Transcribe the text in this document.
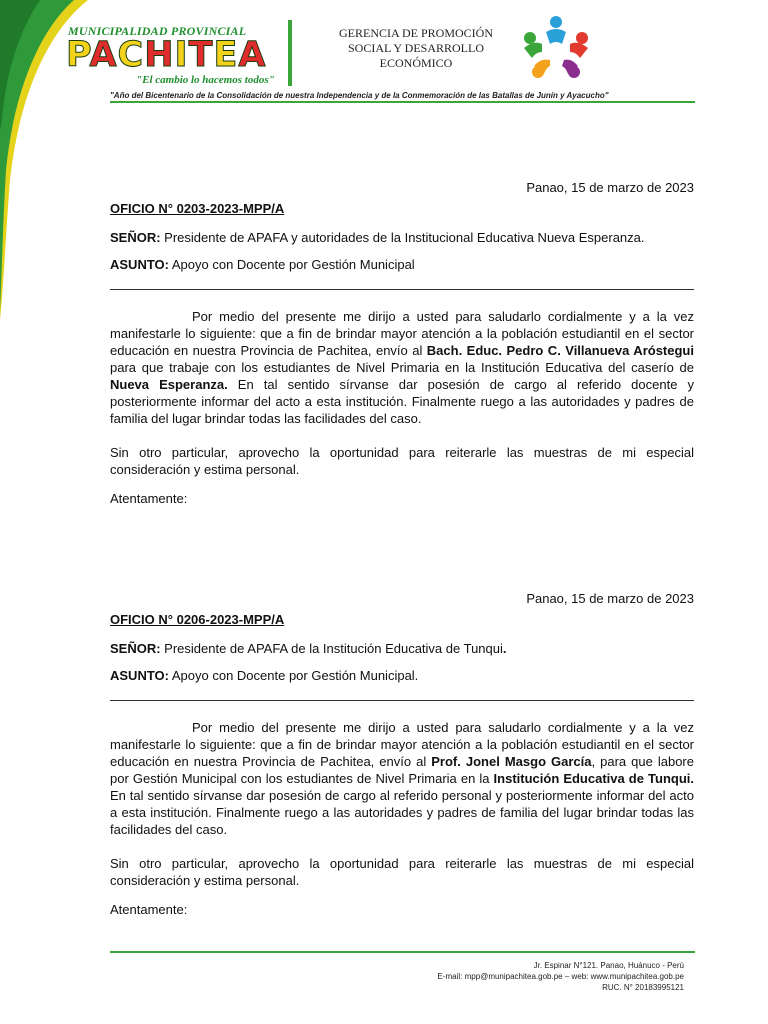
MUNICIPALIDAD PROVINCIAL
PACHITEA
"El cambio lo hacemos todos"
GERENCIA DE PROMOCIÓN
SOCIAL Y DESARROLLO
ECONÓMICO
"Año del Bicentenario de la Consolidación de nuestra Independencia y de la Conmemoración de las Batallas de Junín y Ayacucho"

Panao, 15 de marzo de 2023

OFICIO N° 0203-2023-MPP/A

SEÑOR: Presidente de APAFA y autoridades de la Institucional Educativa Nueva Esperanza.

ASUNTO: Apoyo con Docente por Gestión Municipal

Por medio del presente me dirijo a usted para saludarlo cordialmente y a la vez manifestarle lo siguiente: que a fin de brindar mayor atención a la población estudiantil en el sector educación en nuestra Provincia de Pachitea, envío al Bach. Educ. Pedro C. Villanueva Aróstegui para que trabaje con los estudiantes de Nivel Primaria en la Institución Educativa del caserío de Nueva Esperanza. En tal sentido sírvanse dar posesión de cargo al referido docente y posteriormente informar del acto a esta institución. Finalmente ruego a las autoridades y padres de familia del lugar brindar todas las facilidades del caso.

Sin otro particular, aprovecho la oportunidad para reiterarle las muestras de mi especial consideración y estima personal.

Atentamente:

Panao, 15 de marzo de 2023

OFICIO N° 0206-2023-MPP/A

SEÑOR: Presidente de APAFA de la Institución Educativa de Tunqui.

ASUNTO: Apoyo con Docente por Gestión Municipal.

Por medio del presente me dirijo a usted para saludarlo cordialmente y a la vez manifestarle lo siguiente: que a fin de brindar mayor atención a la población estudiantil en el sector educación en nuestra Provincia de Pachitea, envío al Prof. Jonel Masgo García, para que labore por Gestión Municipal con los estudiantes de Nivel Primaria en la Institución Educativa de Tunqui. En tal sentido sírvanse dar posesión de cargo al referido personal y posteriormente informar del acto a esta institución. Finalmente ruego a las autoridades y padres de familia del lugar brindar todas las facilidades del caso.

Sin otro particular, aprovecho la oportunidad para reiterarle las muestras de mi especial consideración y estima personal.

Atentamente:

Jr. Espinar N°121. Panao, Huánuco - Perú
E-mail: mpp@munipachitea.gob.pe – web: www.munipachitea.gob.pe
RUC. N° 20183995121
